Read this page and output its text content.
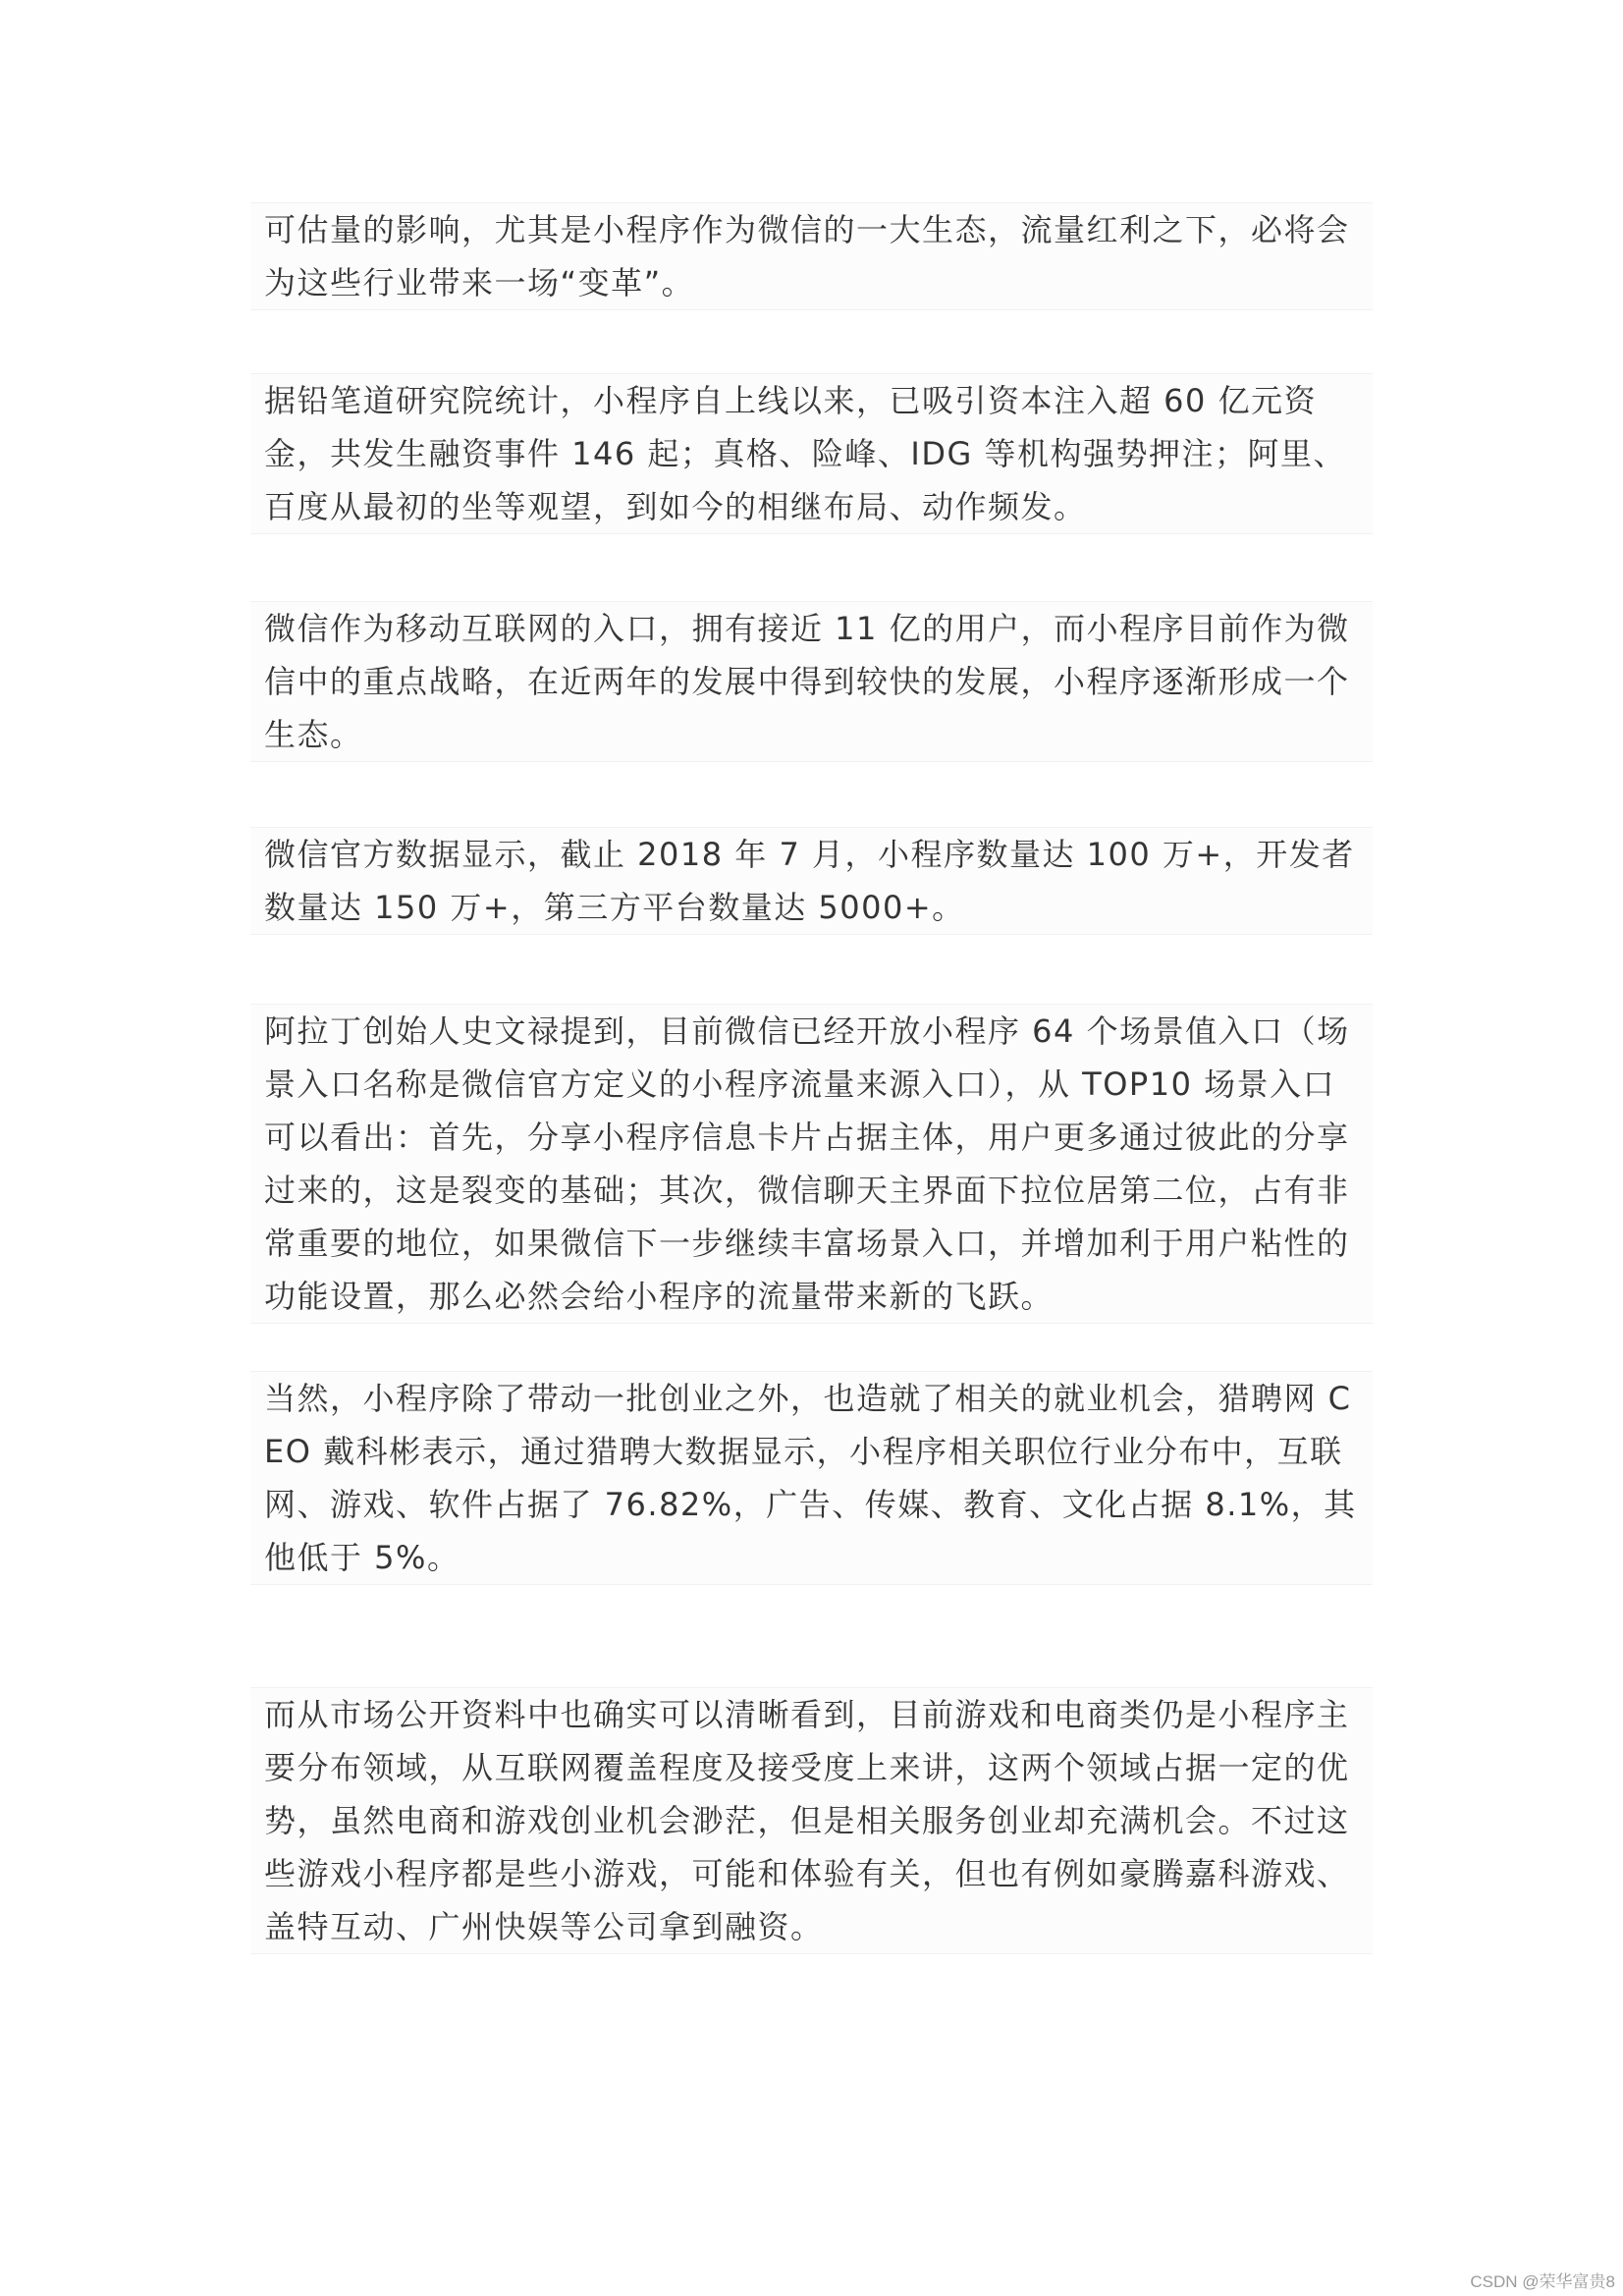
可估量的影响，尤其是小程序作为微信的一大生态，流量红利之下，必将会为这些行业带来一场“变革”。

据铅笔道研究院统计，小程序自上线以来，已吸引资本注入超 60 亿元资金，共发生融资事件 146 起；真格、险峰、IDG 等机构强势押注；阿里、百度从最初的坐等观望，到如今的相继布局、动作频发。

微信作为移动互联网的入口，拥有接近 11 亿的用户，而小程序目前作为微信中的重点战略，在近两年的发展中得到较快的发展，小程序逐渐形成一个生态。

微信官方数据显示，截止 2018 年 7 月，小程序数量达 100 万+，开发者数量达 150 万+，第三方平台数量达 5000+。

阿拉丁创始人史文禄提到，目前微信已经开放小程序 64 个场景值入口（场景入口名称是微信官方定义的小程序流量来源入口），从 TOP10 场景入口可以看出：首先，分享小程序信息卡片占据主体，用户更多通过彼此的分享过来的，这是裂变的基础；其次，微信聊天主界面下拉位居第二位，占有非常重要的地位，如果微信下一步继续丰富场景入口，并增加利于用户粘性的功能设置，那么必然会给小程序的流量带来新的飞跃。

当然，小程序除了带动一批创业之外，也造就了相关的就业机会，猎聘网 CEO 戴科彬表示，通过猎聘大数据显示，小程序相关职位行业分布中，互联网、游戏、软件占据了 76.82%，广告、传媒、教育、文化占据 8.1%，其他低于 5%。

而从市场公开资料中也确实可以清晰看到，目前游戏和电商类仍是小程序主要分布领域，从互联网覆盖程度及接受度上来讲，这两个领域占据一定的优势，虽然电商和游戏创业机会渺茫，但是相关服务创业却充满机会。不过这些游戏小程序都是些小游戏，可能和体验有关，但也有例如豪腾嘉科游戏、盖特互动、广州快娱等公司拿到融资。

CSDN @荣华富贵8
